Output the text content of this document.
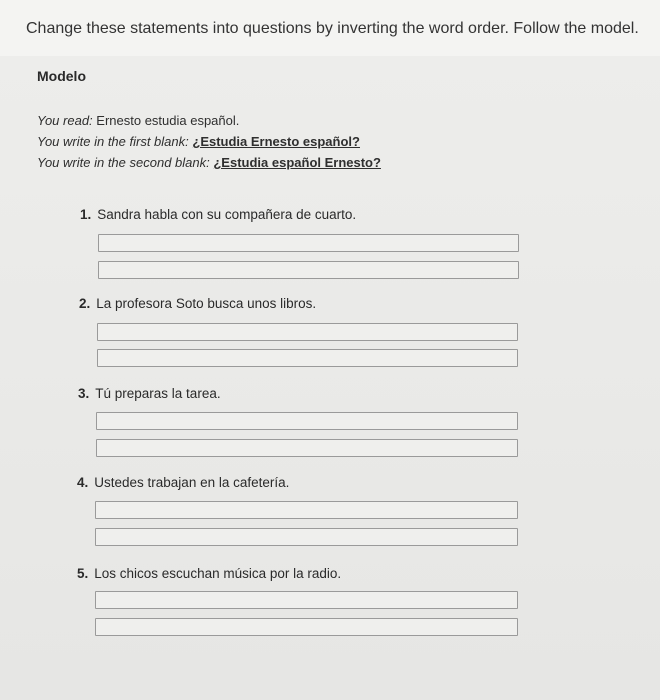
Change these statements into questions by inverting the word order. Follow the model.
Modelo
You read: Ernesto estudia español.
You write in the first blank: ¿Estudia Ernesto español?
You write in the second blank: ¿Estudia español Ernesto?
1. Sandra habla con su compañera de cuarto.
2. La profesora Soto busca unos libros.
3. Tú preparas la tarea.
4. Ustedes trabajan en la cafetería.
5. Los chicos escuchan música por la radio.
